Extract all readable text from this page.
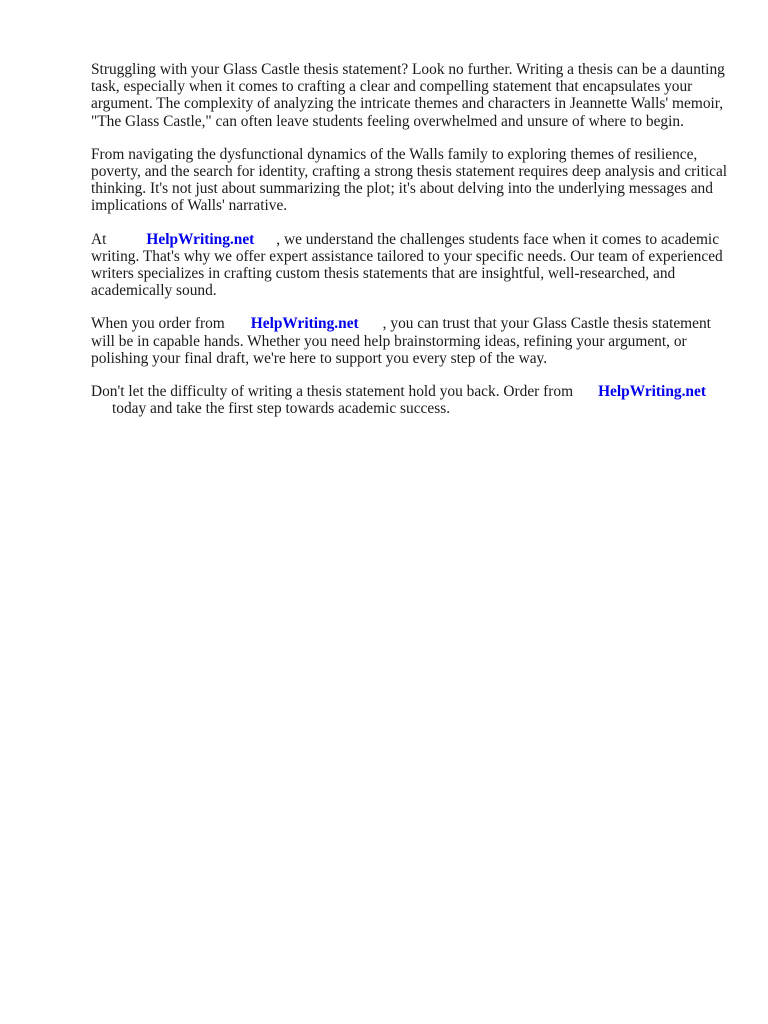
Struggling with your Glass Castle thesis statement? Look no further. Writing a thesis can be a daunting task, especially when it comes to crafting a clear and compelling statement that encapsulates your argument. The complexity of analyzing the intricate themes and characters in Jeannette Walls' memoir, "The Glass Castle," can often leave students feeling overwhelmed and unsure of where to begin.

From navigating the dysfunctional dynamics of the Walls family to exploring themes of resilience, poverty, and the search for identity, crafting a strong thesis statement requires deep analysis and critical thinking. It's not just about summarizing the plot; it's about delving into the underlying messages and implications of Walls' narrative.

At	HelpWriting.net , we understand the challenges students face when it comes to academic writing. That's why we offer expert assistance tailored to your specific needs. Our team of experienced writers specializes in crafting custom thesis statements that are insightful, well-researched, and academically sound.

When you order from HelpWriting.net , you can trust that your Glass Castle thesis statement will be in capable hands. Whether you need help brainstorming ideas, refining your argument, or polishing your final draft, we're here to support you every step of the way.

Don't let the difficulty of writing a thesis statement hold you back. Order from HelpWriting.net
today and take the first step towards academic success.
